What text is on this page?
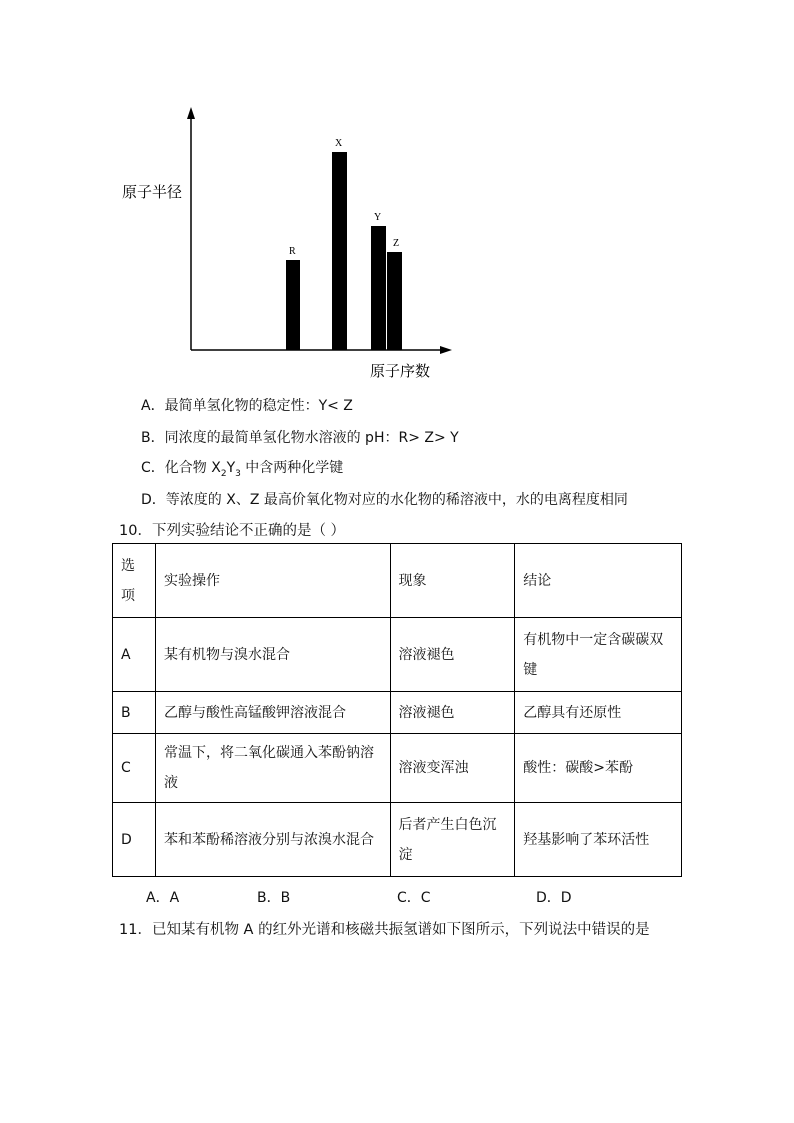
原子半径
原子序数
R
X
Y
Z
A．最简单氢化物的稳定性：Y< Z
B．同浓度的最简单氢化物水溶液的 pH：R> Z> Y
C．化合物 $X_2Y_3$ 中含两种化学键
D．等浓度的 X、Z 最高价氧化物对应的水化物的稀溶液中，水的电离程度相同
10．下列实验结论不正确的是（ ）
选项	实验操作	现象	结论
A	某有机物与溴水混合	溶液褪色	有机物中一定含碳碳双键
B	乙醇与酸性高锰酸钾溶液混合	溶液褪色	乙醇具有还原性
C	常温下，将二氧化碳通入苯酚钠溶液	溶液变浑浊	酸性：碳酸>苯酚
D	苯和苯酚稀溶液分别与浓溴水混合	后者产生白色沉淀	羟基影响了苯环活性
A．A	B．B	C．C	D．D
11．已知某有机物 A 的红外光谱和核磁共振氢谱如下图所示，下列说法中错误的是
